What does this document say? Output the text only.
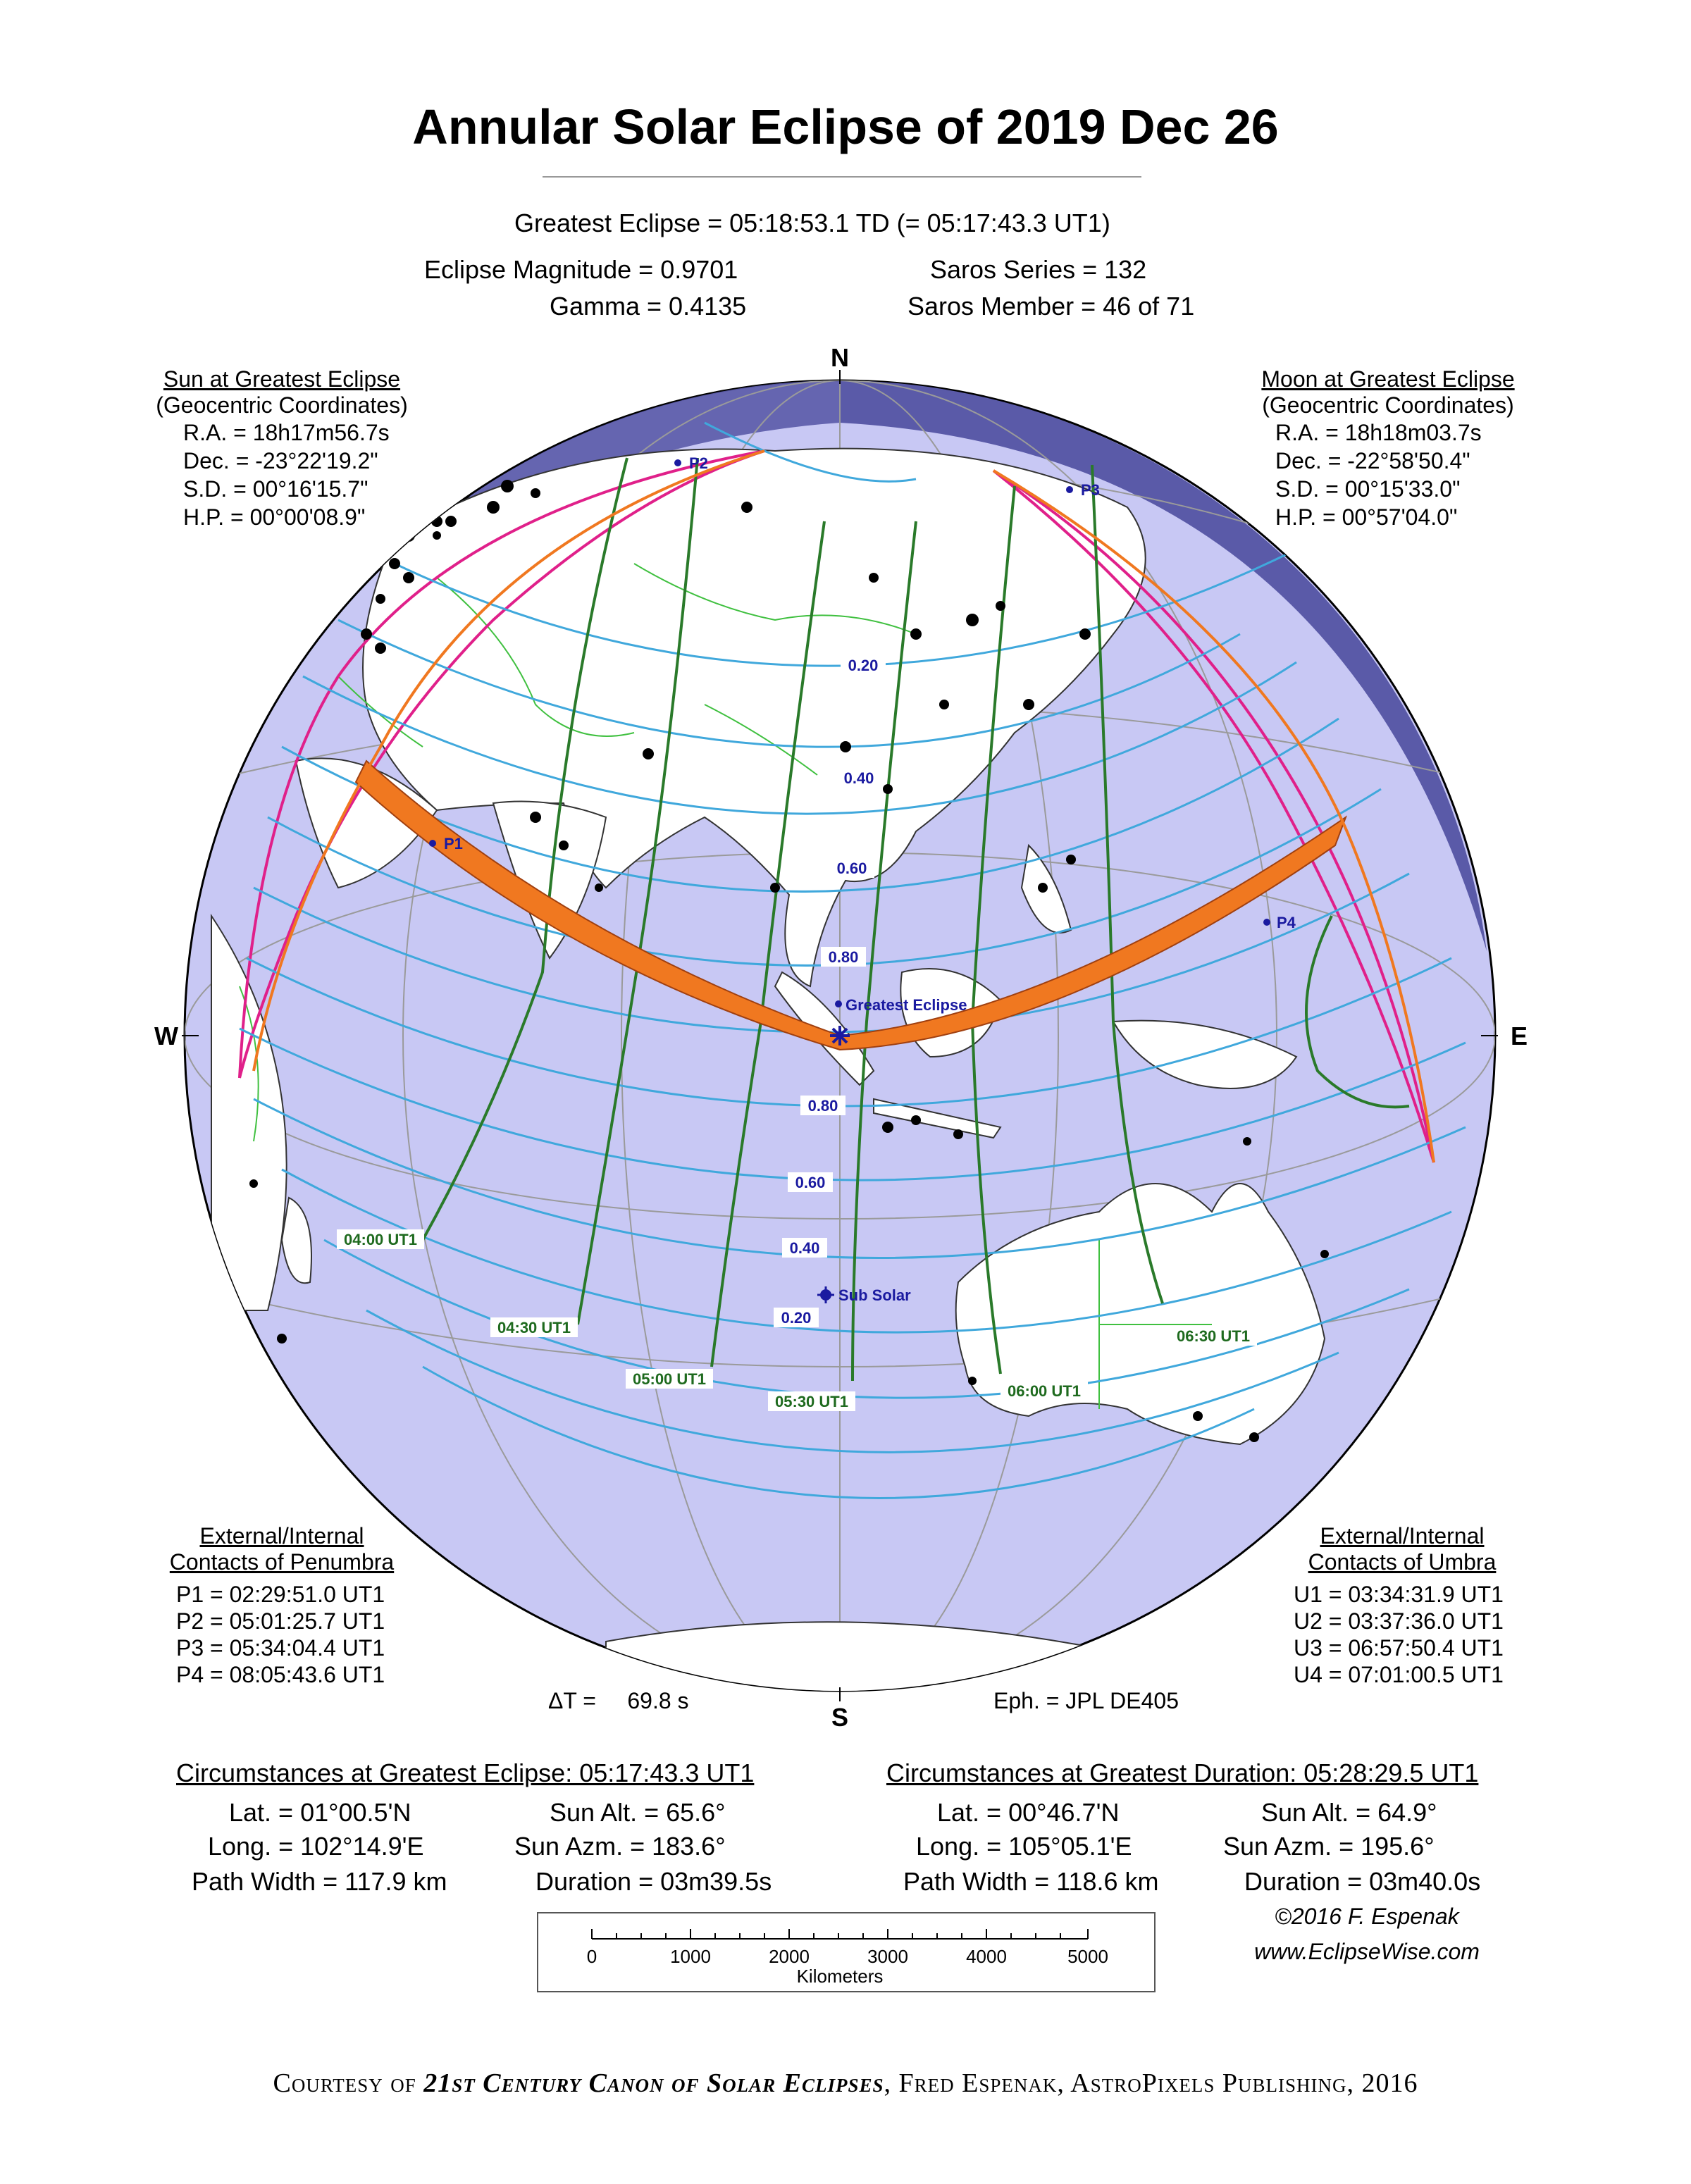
Annular Solar Eclipse of 2019 Dec 26
Greatest Eclipse = 05:18:53.1 TD (= 05:17:43.3 UT1)
Eclipse Magnitude = 0.9701
Gamma = 0.4135
Saros Series = 132
Saros Member = 46 of 71
Sun at Greatest Eclipse
(Geocentric Coordinates)
R.A. = 18h17m56.7s
Dec. = -23°22'19.2"
S.D. = 00°16'15.7"
H.P. = 00°00'08.9"
Moon at Greatest Eclipse
(Geocentric Coordinates)
R.A. = 18h18m03.7s
Dec. = -22°58'50.4"
S.D. = 00°15'33.0"
H.P. = 00°57'04.0"
N
S
W	E
P1
P2
P3
P4
0.20
0.40
0.60
0.80
0.80
0.60
0.40
0.20
04:00 UT1
04:30 UT1
05:00 UT1
05:30 UT1
06:00 UT1
06:30 UT1
Greatest Eclipse
Sub Solar
External/Internal
Contacts of Penumbra
P1 = 02:29:51.0 UT1
P2 = 05:01:25.7 UT1
P3 = 05:34:04.4 UT1
P4 = 08:05:43.6 UT1
External/Internal
Contacts of Umbra
U1 = 03:34:31.9 UT1
U2 = 03:37:36.0 UT1
U3 = 06:57:50.4 UT1
U4 = 07:01:00.5 UT1
ΔT =     69.8 s	Eph. = JPL DE405
Circumstances at Greatest Eclipse: 05:17:43.3 UT1
Lat. = 01°00.5'N	Sun Alt. = 65.6°
Long. = 102°14.9'E	Sun Azm. = 183.6°
Path Width = 117.9 km	Duration = 03m39.5s
Circumstances at Greatest Duration: 05:28:29.5 UT1
Lat. = 00°46.7'N	Sun Alt. = 64.9°
Long. = 105°05.1'E	Sun Azm. = 195.6°
Path Width = 118.6 km	Duration = 03m40.0s
0	1000	2000	3000	4000	5000
Kilometers
©2016 F. Espenak
www.EclipseWise.com
Courtesy of 21st Century Canon of Solar Eclipses, Fred Espenak, AstroPixels Publishing, 2016
